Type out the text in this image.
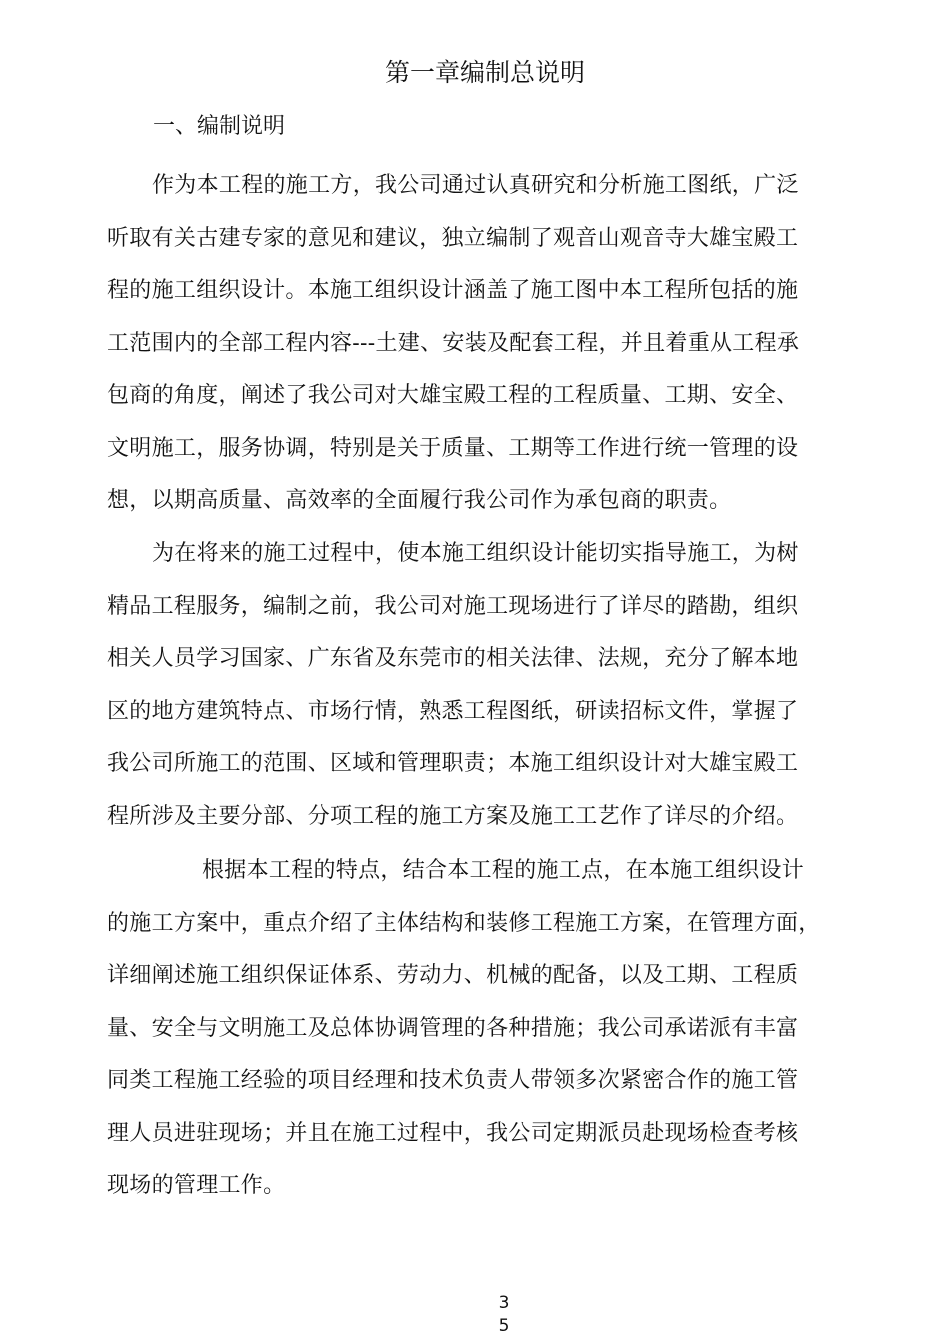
第一章编制总说明
一、编制说明

作为本工程的施工方，我公司通过认真研究和分析施工图纸，广泛
听取有关古建专家的意见和建议，独立编制了观音山观音寺大雄宝殿工
程的施工组织设计。本施工组织设计涵盖了施工图中本工程所包括的施
工范围内的全部工程内容---土建、安装及配套工程，并且着重从工程承
包商的角度，阐述了我公司对大雄宝殿工程的工程质量、工期、安全、
文明施工，服务协调，特别是关于质量、工期等工作进行统一管理的设
想，以期高质量、高效率的全面履行我公司作为承包商的职责。

为在将来的施工过程中，使本施工组织设计能切实指导施工，为树
精品工程服务，编制之前，我公司对施工现场进行了详尽的踏勘，组织
相关人员学习国家、广东省及东莞市的相关法律、法规，充分了解本地
区的地方建筑特点、市场行情，熟悉工程图纸，研读招标文件，掌握了
我公司所施工的范围、区域和管理职责；本施工组织设计对大雄宝殿工
程所涉及主要分部、分项工程的施工方案及施工工艺作了详尽的介绍。

根据本工程的特点，结合本工程的施工点，在本施工组织设计
的施工方案中，重点介绍了主体结构和装修工程施工方案，在管理方面，
详细阐述施工组织保证体系、劳动力、机械的配备，以及工期、工程质
量、安全与文明施工及总体协调管理的各种措施；我公司承诺派有丰富
同类工程施工经验的项目经理和技术负责人带领多次紧密合作的施工管
理人员进驻现场；并且在施工过程中，我公司定期派员赴现场检查考核
现场的管理工作。

3
5
